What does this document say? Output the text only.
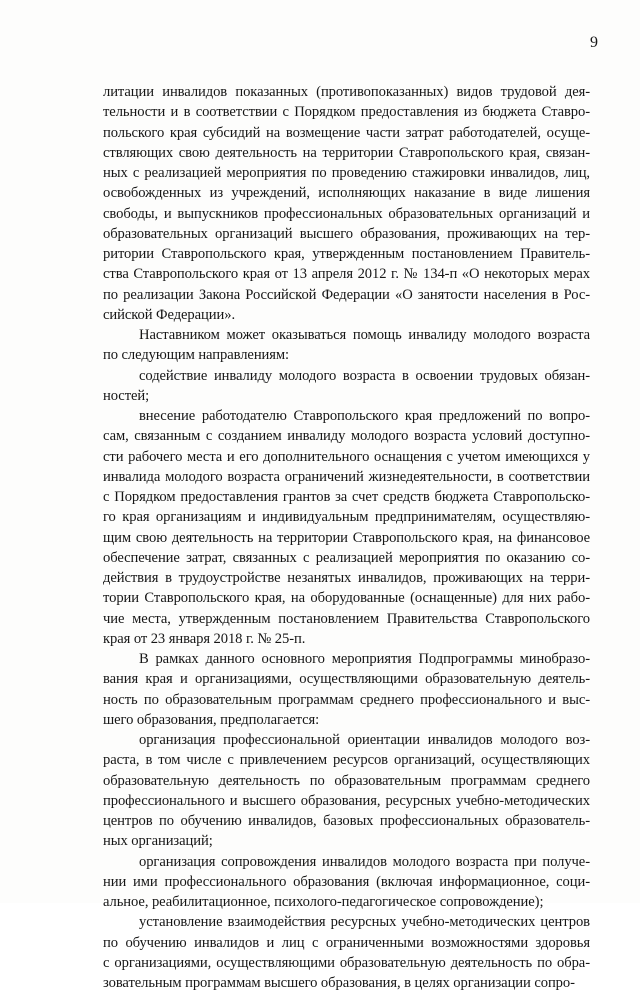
9
литации инвалидов показанных (противопоказанных) видов трудовой дея-
тельности и в соответствии с Порядком предоставления из бюджета Ставро-
польского края субсидий на возмещение части затрат работодателей, осуще-
ствляющих свою деятельность на территории Ставропольского края, связан-
ных с реализацией мероприятия по проведению стажировки инвалидов, лиц,
освобожденных из учреждений, исполняющих наказание в виде лишения
свободы, и выпускников профессиональных образовательных организаций и
образовательных организаций высшего образования, проживающих на тер-
ритории Ставропольского края, утвержденным постановлением Правитель-
ства Ставропольского края от 13 апреля 2012 г. № 134-п «О некоторых мерах
по реализации Закона Российской Федерации «О занятости населения в Рос-
сийской Федерации».
Наставником может оказываться помощь инвалиду молодого возраста
по следующим направлениям:
содействие инвалиду молодого возраста в освоении трудовых обязан-
ностей;
внесение работодателю Ставропольского края предложений по вопро-
сам, связанным с созданием инвалиду молодого возраста условий доступно-
сти рабочего места и его дополнительного оснащения с учетом имеющихся у
инвалида молодого возраста ограничений жизнедеятельности, в соответствии
с Порядком предоставления грантов за счет средств бюджета Ставропольско-
го края организациям и индивидуальным предпринимателям, осуществляю-
щим свою деятельность на территории Ставропольского края, на финансовое
обеспечение затрат, связанных с реализацией мероприятия по оказанию со-
действия в трудоустройстве незанятых инвалидов, проживающих на терри-
тории Ставропольского края, на оборудованные (оснащенные) для них рабо-
чие места, утвержденным постановлением Правительства Ставропольского
края от 23 января 2018 г. № 25-п.
В рамках данного основного мероприятия Подпрограммы минобразо-
вания края и организациями, осуществляющими образовательную деятель-
ность по образовательным программам среднего профессионального и выс-
шего образования, предполагается:
организация профессиональной ориентации инвалидов молодого воз-
раста, в том числе с привлечением ресурсов организаций, осуществляющих
образовательную деятельность по образовательным программам среднего
профессионального и высшего образования, ресурсных учебно-методических
центров по обучению инвалидов, базовых профессиональных образователь-
ных организаций;
организация сопровождения инвалидов молодого возраста при получе-
нии ими профессионального образования (включая информационное, соци-
альное, реабилитационное, психолого-педагогическое сопровождение);
установление взаимодействия ресурсных учебно-методических центров
по обучению инвалидов и лиц с ограниченными возможностями здоровья
с организациями, осуществляющими образовательную деятельность по обра-
зовательным программам высшего образования, в целях организации сопро-
